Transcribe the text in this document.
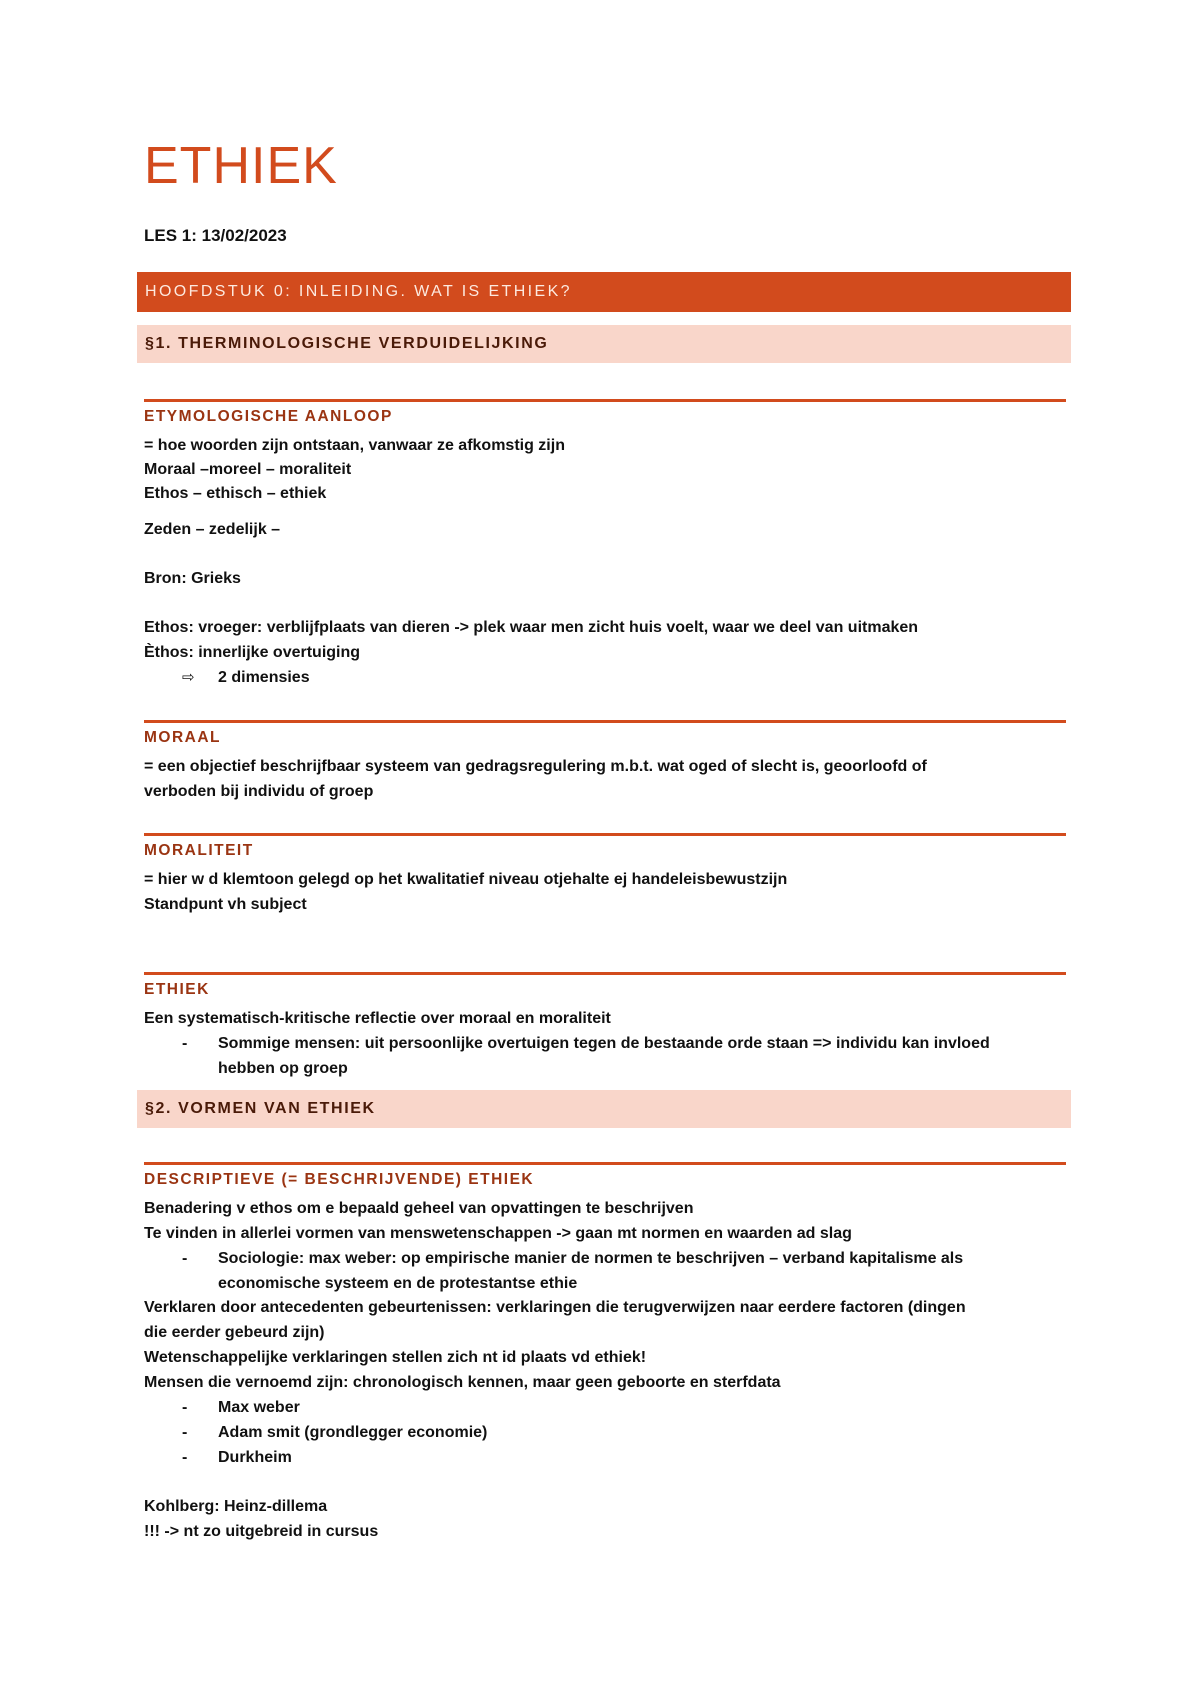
ETHIEK
LES 1: 13/02/2023
HOOFDSTUK 0: INLEIDING. WAT IS ETHIEK?
§1. THERMINOLOGISCHE VERDUIDELIJKING
ETYMOLOGISCHE AANLOOP
= hoe woorden zijn ontstaan, vanwaar ze afkomstig zijn
Moraal –moreel – moraliteit
Ethos – ethisch – ethiek
Zeden – zedelijk –
Bron: Grieks
Ethos: vroeger: verblijfplaats van dieren -> plek waar men zicht huis voelt, waar we deel van uitmaken
Èthos: innerlijke overtuiging
⇨ 2 dimensies
MORAAL
= een objectief beschrijfbaar systeem van gedragsregulering m.b.t. wat oged of slecht is, geoorloofd of
verboden bij individu of groep
MORALITEIT
= hier w d klemtoon gelegd op het kwalitatief niveau otjehalte ej handeleisbewustzijn
Standpunt vh subject
ETHIEK
Een systematisch-kritische reflectie over moraal en moraliteit
- Sommige mensen: uit persoonlijke overtuigen tegen de bestaande orde staan => individu kan invloed
hebben op groep
§2. VORMEN VAN ETHIEK
DESCRIPTIEVE (= BESCHRIJVENDE) ETHIEK
Benadering v ethos om e bepaald geheel van opvattingen te beschrijven
Te vinden in allerlei vormen van menswetenschappen -> gaan mt normen en waarden ad slag
- Sociologie: max weber: op empirische manier de normen te beschrijven – verband kapitalisme als
economische systeem en de protestantse ethie
Verklaren door antecedenten gebeurtenissen: verklaringen die terugverwijzen naar eerdere factoren (dingen
die eerder gebeurd zijn)
Wetenschappelijke verklaringen stellen zich nt id plaats vd ethiek!
Mensen die vernoemd zijn: chronologisch kennen, maar geen geboorte en sterfdata
- Max weber
- Adam smit (grondlegger economie)
- Durkheim
Kohlberg: Heinz-dillema
!!! -> nt zo uitgebreid in cursus
